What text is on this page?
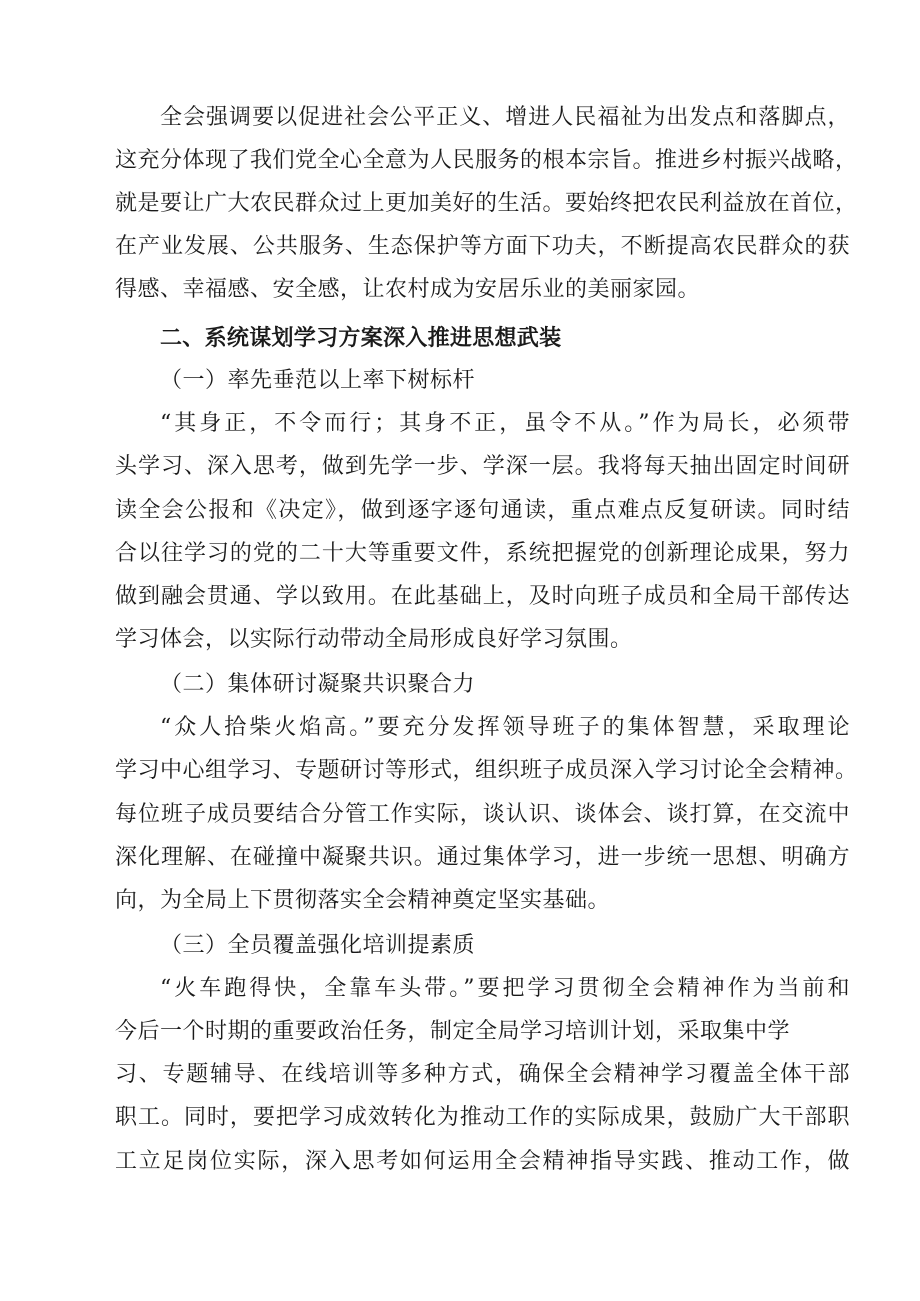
全会强调要以促进社会公平正义、增进人民福祉为出发点和落脚点，
这充分体现了我们党全心全意为人民服务的根本宗旨。推进乡村振兴战略，
就是要让广大农民群众过上更加美好的生活。要始终把农民利益放在首位，
在产业发展、公共服务、生态保护等方面下功夫，不断提高农民群众的获
得感、幸福感、安全感，让农村成为安居乐业的美丽家园。
二、系统谋划学习方案深入推进思想武装
（一）率先垂范以上率下树标杆
“其身正，不令而行；其身不正，虽令不从。”作为局长，必须带
头学习、深入思考，做到先学一步、学深一层。我将每天抽出固定时间研
读全会公报和《决定》，做到逐字逐句通读，重点难点反复研读。同时结
合以往学习的党的二十大等重要文件，系统把握党的创新理论成果，努力
做到融会贯通、学以致用。在此基础上，及时向班子成员和全局干部传达
学习体会，以实际行动带动全局形成良好学习氛围。
（二）集体研讨凝聚共识聚合力
“众人拾柴火焰高。”要充分发挥领导班子的集体智慧，采取理论
学习中心组学习、专题研讨等形式，组织班子成员深入学习讨论全会精神。
每位班子成员要结合分管工作实际，谈认识、谈体会、谈打算，在交流中
深化理解、在碰撞中凝聚共识。通过集体学习，进一步统一思想、明确方
向，为全局上下贯彻落实全会精神奠定坚实基础。
（三）全员覆盖强化培训提素质
“火车跑得快，全靠车头带。”要把学习贯彻全会精神作为当前和
今后一个时期的重要政治任务，制定全局学习培训计划，采取集中学
习、专题辅导、在线培训等多种方式，确保全会精神学习覆盖全体干部
职工。同时，要把学习成效转化为推动工作的实际成果，鼓励广大干部职
工立足岗位实际，深入思考如何运用全会精神指导实践、推动工作，做
